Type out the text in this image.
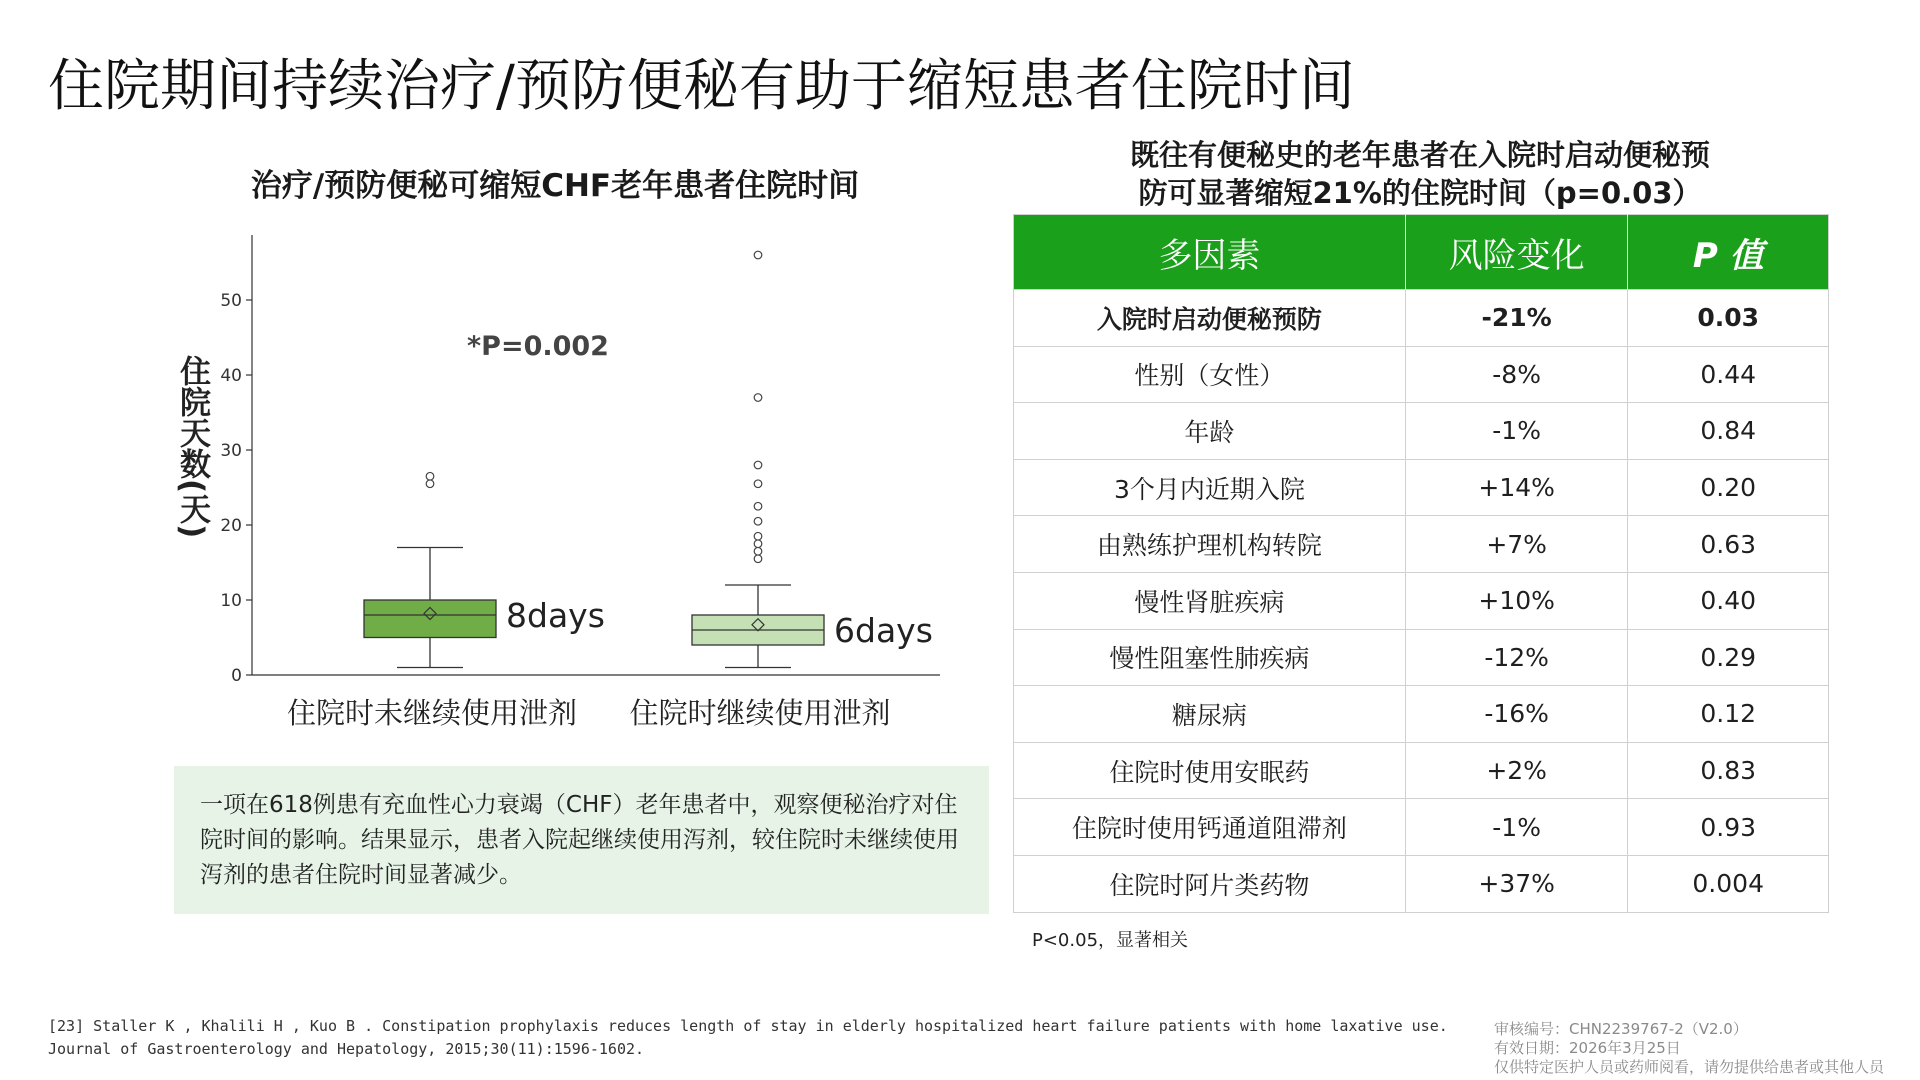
住院期间持续治疗/预防便秘有助于缩短患者住院时间
治疗/预防便秘可缩短CHF老年患者住院时间
0
10
20
30
40
50
住院天数(天)
*P=0.002
8days
住院时未继续使用泄剂
6days
住院时继续使用泄剂
一项在618例患有充血性心力衰竭（CHF）老年患者中，观察便秘治疗对住院时间的影响。结果显示，患者入院起继续使用泻剂，较住院时未继续使用泻剂的患者住院时间显著减少。
既往有便秘史的老年患者在入院时启动便秘预
防可显著缩短21%的住院时间（p=0.03）
多因素	风险变化	P 值
入院时启动便秘预防	-21%	0.03
性别（女性）	-8%	0.44
年龄	-1%	0.84
3个月内近期入院	+14%	0.20
由熟练护理机构转院	+7%	0.63
慢性肾脏疾病	+10%	0.40
慢性阻塞性肺疾病	-12%	0.29
糖尿病	-16%	0.12
住院时使用安眠药	+2%	0.83
住院时使用钙通道阻滞剂	-1%	0.93
住院时阿片类药物	+37%	0.004
P<0.05，显著相关
[23] Staller K , Khalili H , Kuo B . Constipation prophylaxis reduces length of stay in elderly hospitalized heart failure patients with home laxative use.
Journal of Gastroenterology and Hepatology, 2015;30(11):1596-1602.
审核编号：CHN2239767-2（V2.0）
有效日期：2026年3月25日
仅供特定医护人员或药师阅看，请勿提供给患者或其他人员
